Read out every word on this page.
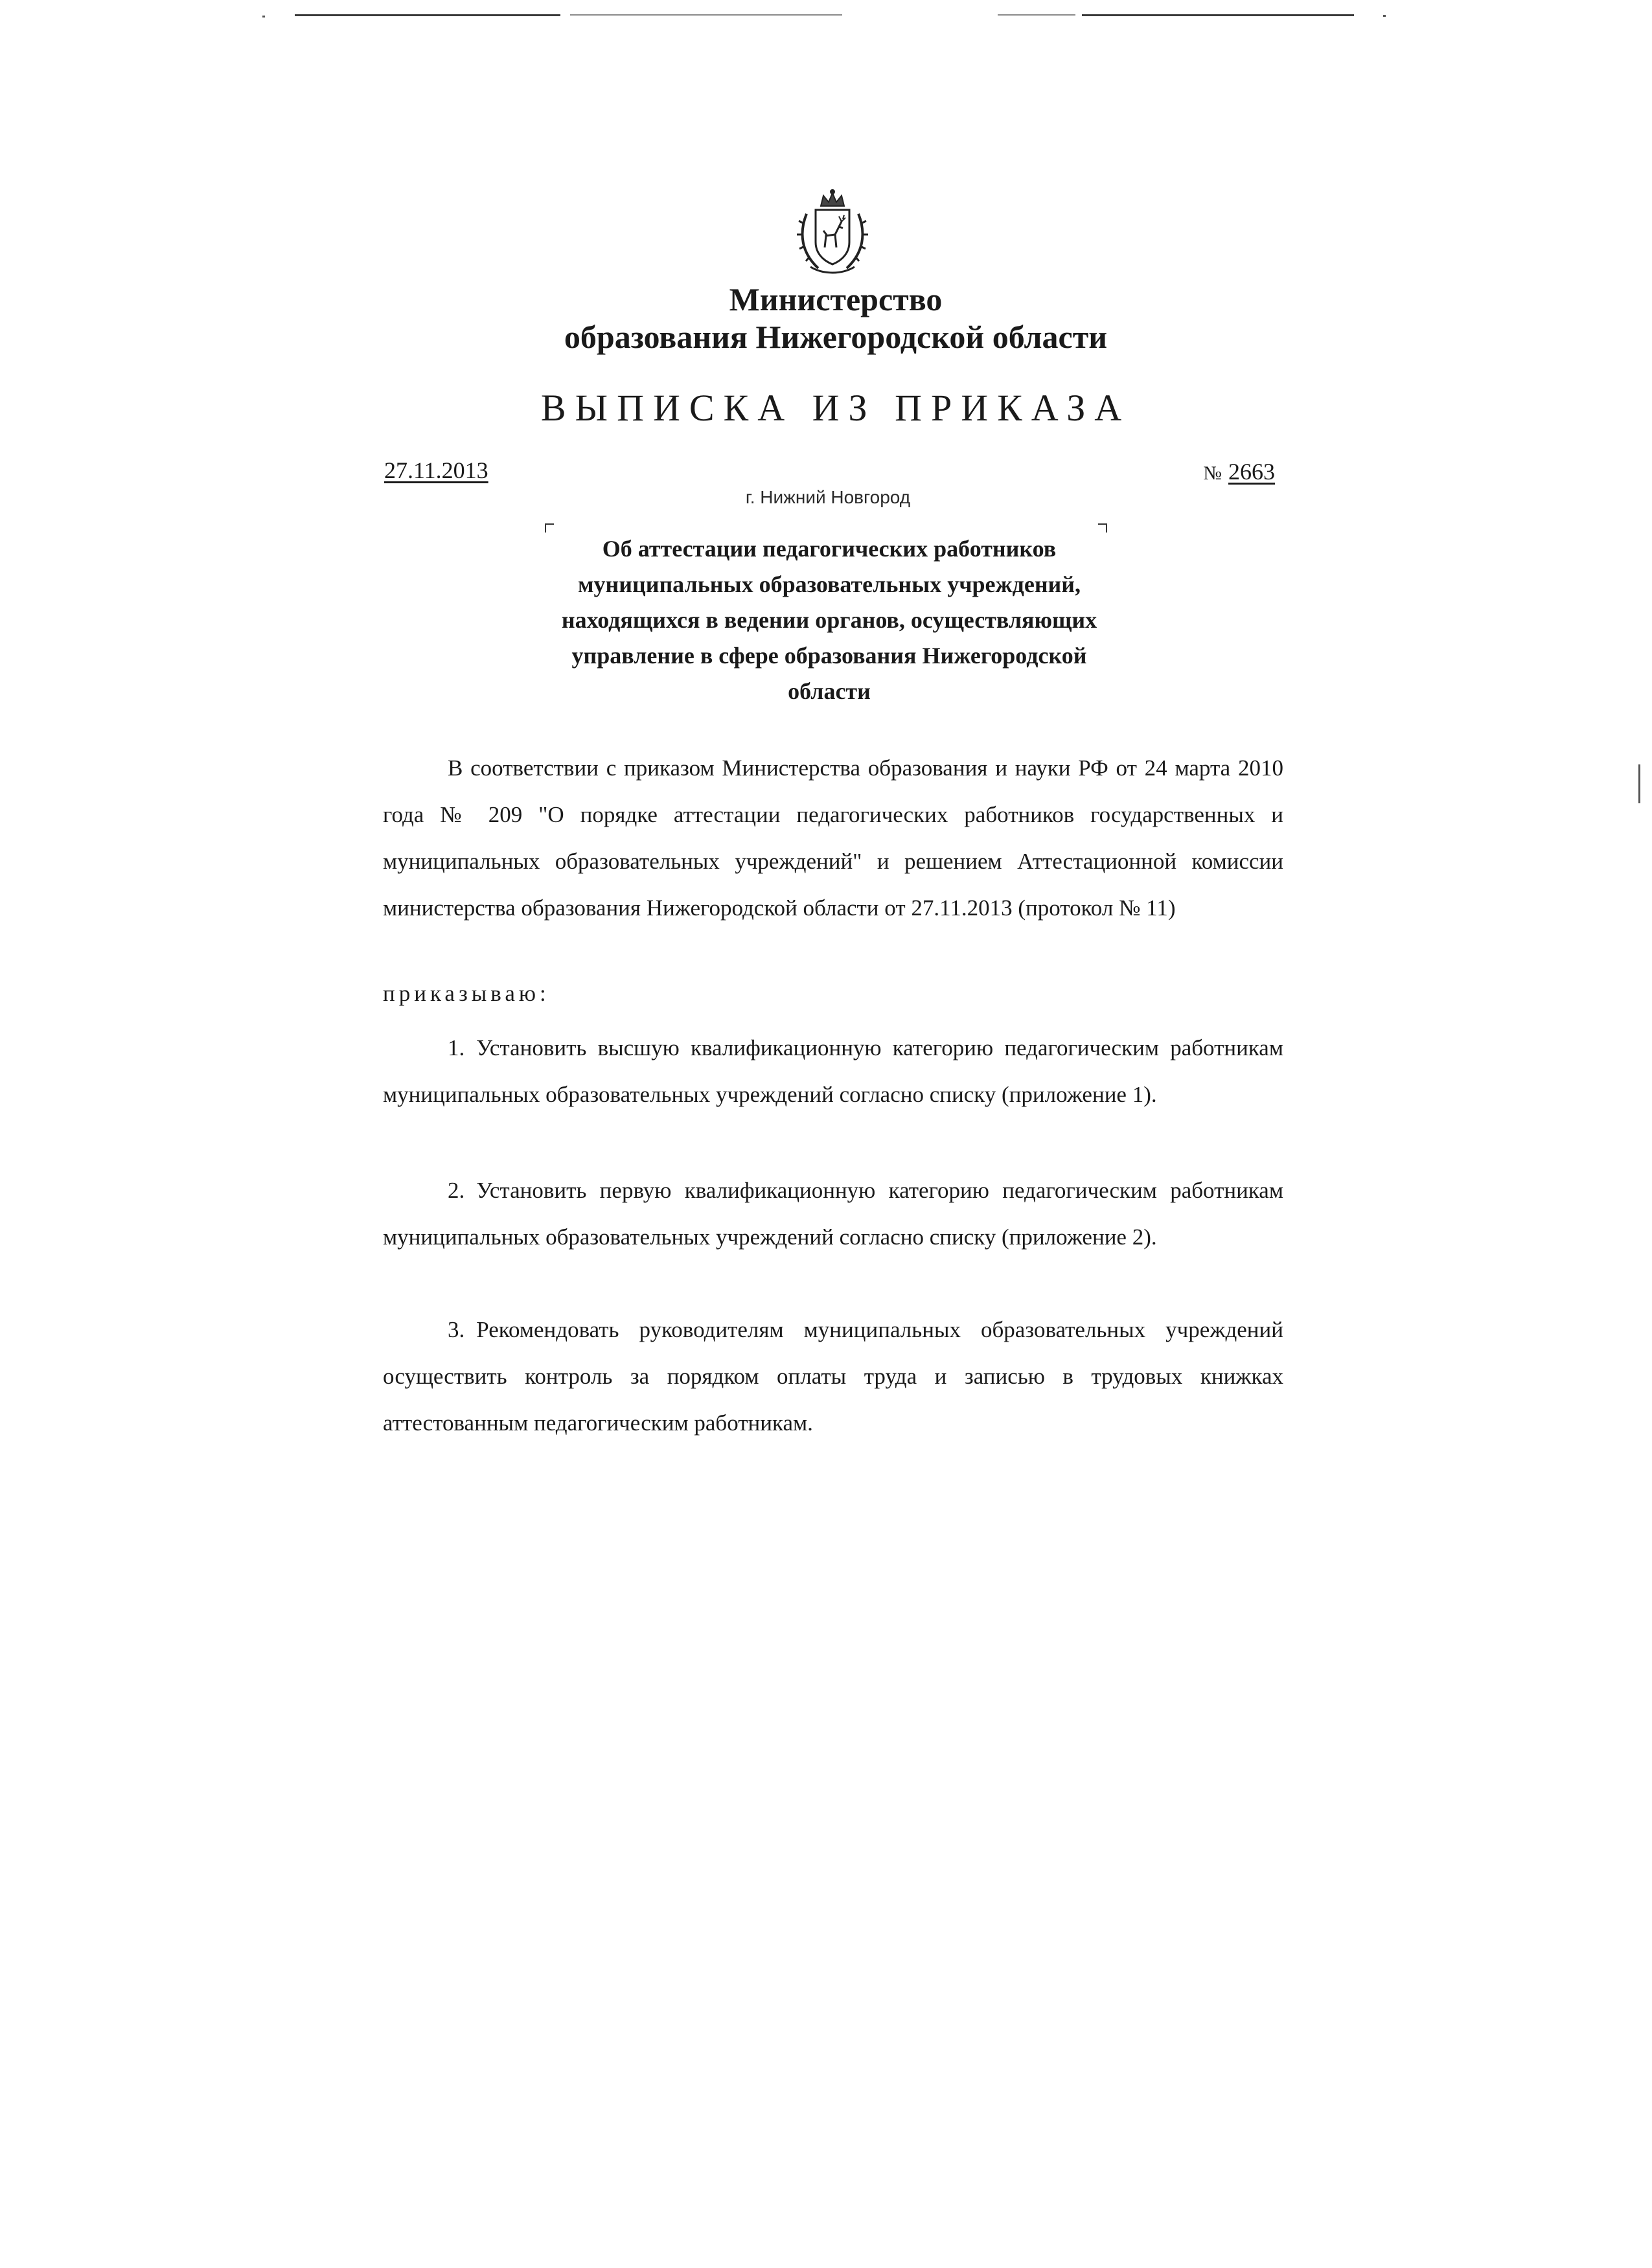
Министерство
образования Нижегородской области
ВЫПИСКА ИЗ ПРИКАЗА
27.11.2013	№ 2663
г. Нижний Новгород
Об аттестации педагогических работников
муниципальных образовательных учреждений,
находящихся в ведении органов, осуществляющих
управление в сфере образования Нижегородской
области
В соответствии с приказом Министерства образования и науки РФ от 24 марта 2010 года № 209 "О порядке аттестации педагогических работников государственных и муниципальных образовательных учреждений" и решением Аттестационной комиссии министерства образования Нижегородской области от 27.11.2013 (протокол № 11)
приказываю:
1. Установить высшую квалификационную категорию педагогическим работникам муниципальных образовательных учреждений согласно списку (приложение 1).
2. Установить первую квалификационную категорию педагогическим работникам муниципальных образовательных учреждений согласно списку (приложение 2).
3. Рекомендовать руководителям муниципальных образовательных учреждений осуществить контроль за порядком оплаты труда и записью в трудовых книжках аттестованным педагогическим работникам.
